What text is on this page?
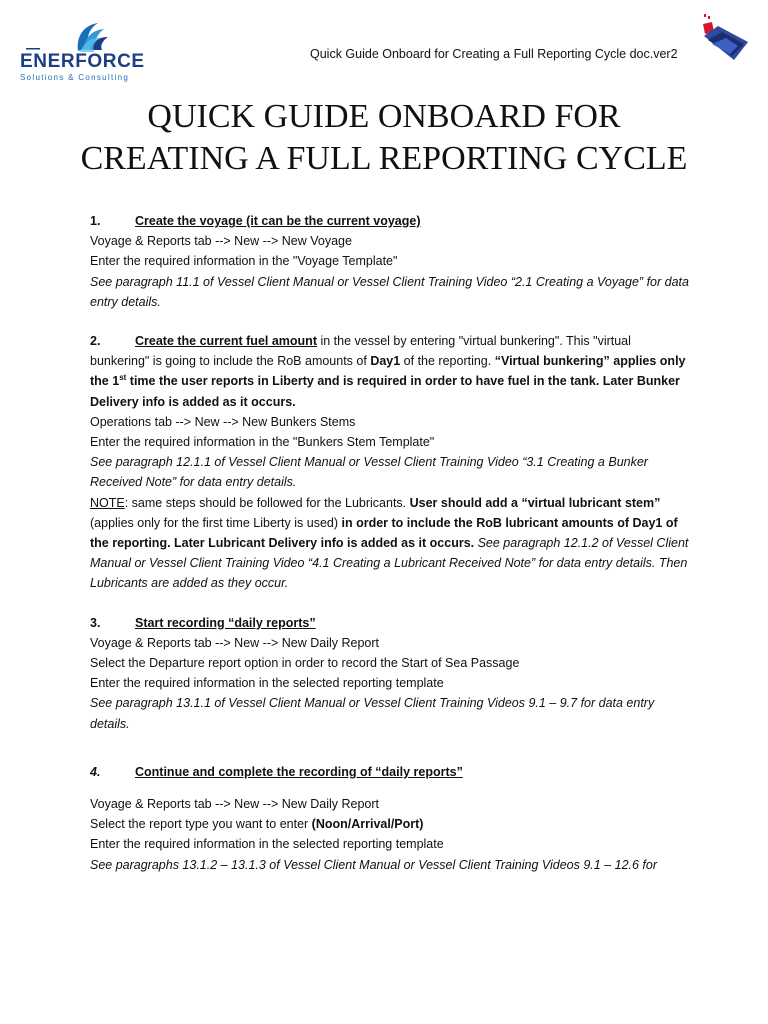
ENERFORCE
Solutions & Consulting
Quick Guide Onboard for Creating a Full Reporting Cycle doc.ver2
QUICK GUIDE ONBOARD FOR
CREATING A FULL REPORTING CYCLE
1.	Create the voyage (it can be the current voyage)

Voyage & Reports tab --> New --> New Voyage

Enter the required information in the "Voyage Template"

See paragraph 11.1 of Vessel Client Manual or Vessel Client Training Video “2.1 Creating a Voyage” for data entry details.

2.	Create the current fuel amount in the vessel by entering "virtual bunkering". This "virtual bunkering" is going to include the RoB amounts of Day1 of the reporting. “Virtual bunkering” applies only the 1st time the user reports in Liberty and is required in order to have fuel in the tank. Later Bunker Delivery info is added as it occurs.

Operations tab --> New --> New Bunkers Stems

Enter the required information in the "Bunkers Stem Template"

See paragraph 12.1.1 of Vessel Client Manual or Vessel Client Training Video “3.1 Creating a Bunker Received Note” for data entry details.

NOTE: same steps should be followed for the Lubricants. User should add a “virtual lubricant stem” (applies only for the first time Liberty is used) in order to include the RoB lubricant amounts of Day1 of the reporting. Later Lubricant Delivery info is added as it occurs. See paragraph 12.1.2 of Vessel Client Manual or Vessel Client Training Video “4.1 Creating a Lubricant Received Note” for data entry details. Then Lubricants are added as they occur.

3.	Start recording “daily reports”

Voyage & Reports tab --> New --> New Daily Report

Select the Departure report option in order to record the Start of Sea Passage

Enter the required information in the selected reporting template

See paragraph 13.1.1 of Vessel Client Manual or Vessel Client Training Videos 9.1 – 9.7 for data entry details.

4.	Continue and complete the recording of “daily reports”

Voyage & Reports tab --> New --> New Daily Report

Select the report type you want to enter (Noon/Arrival/Port)

Enter the required information in the selected reporting template

See paragraphs 13.1.2 – 13.1.3 of Vessel Client Manual or Vessel Client Training Videos 9.1 – 12.6 for
